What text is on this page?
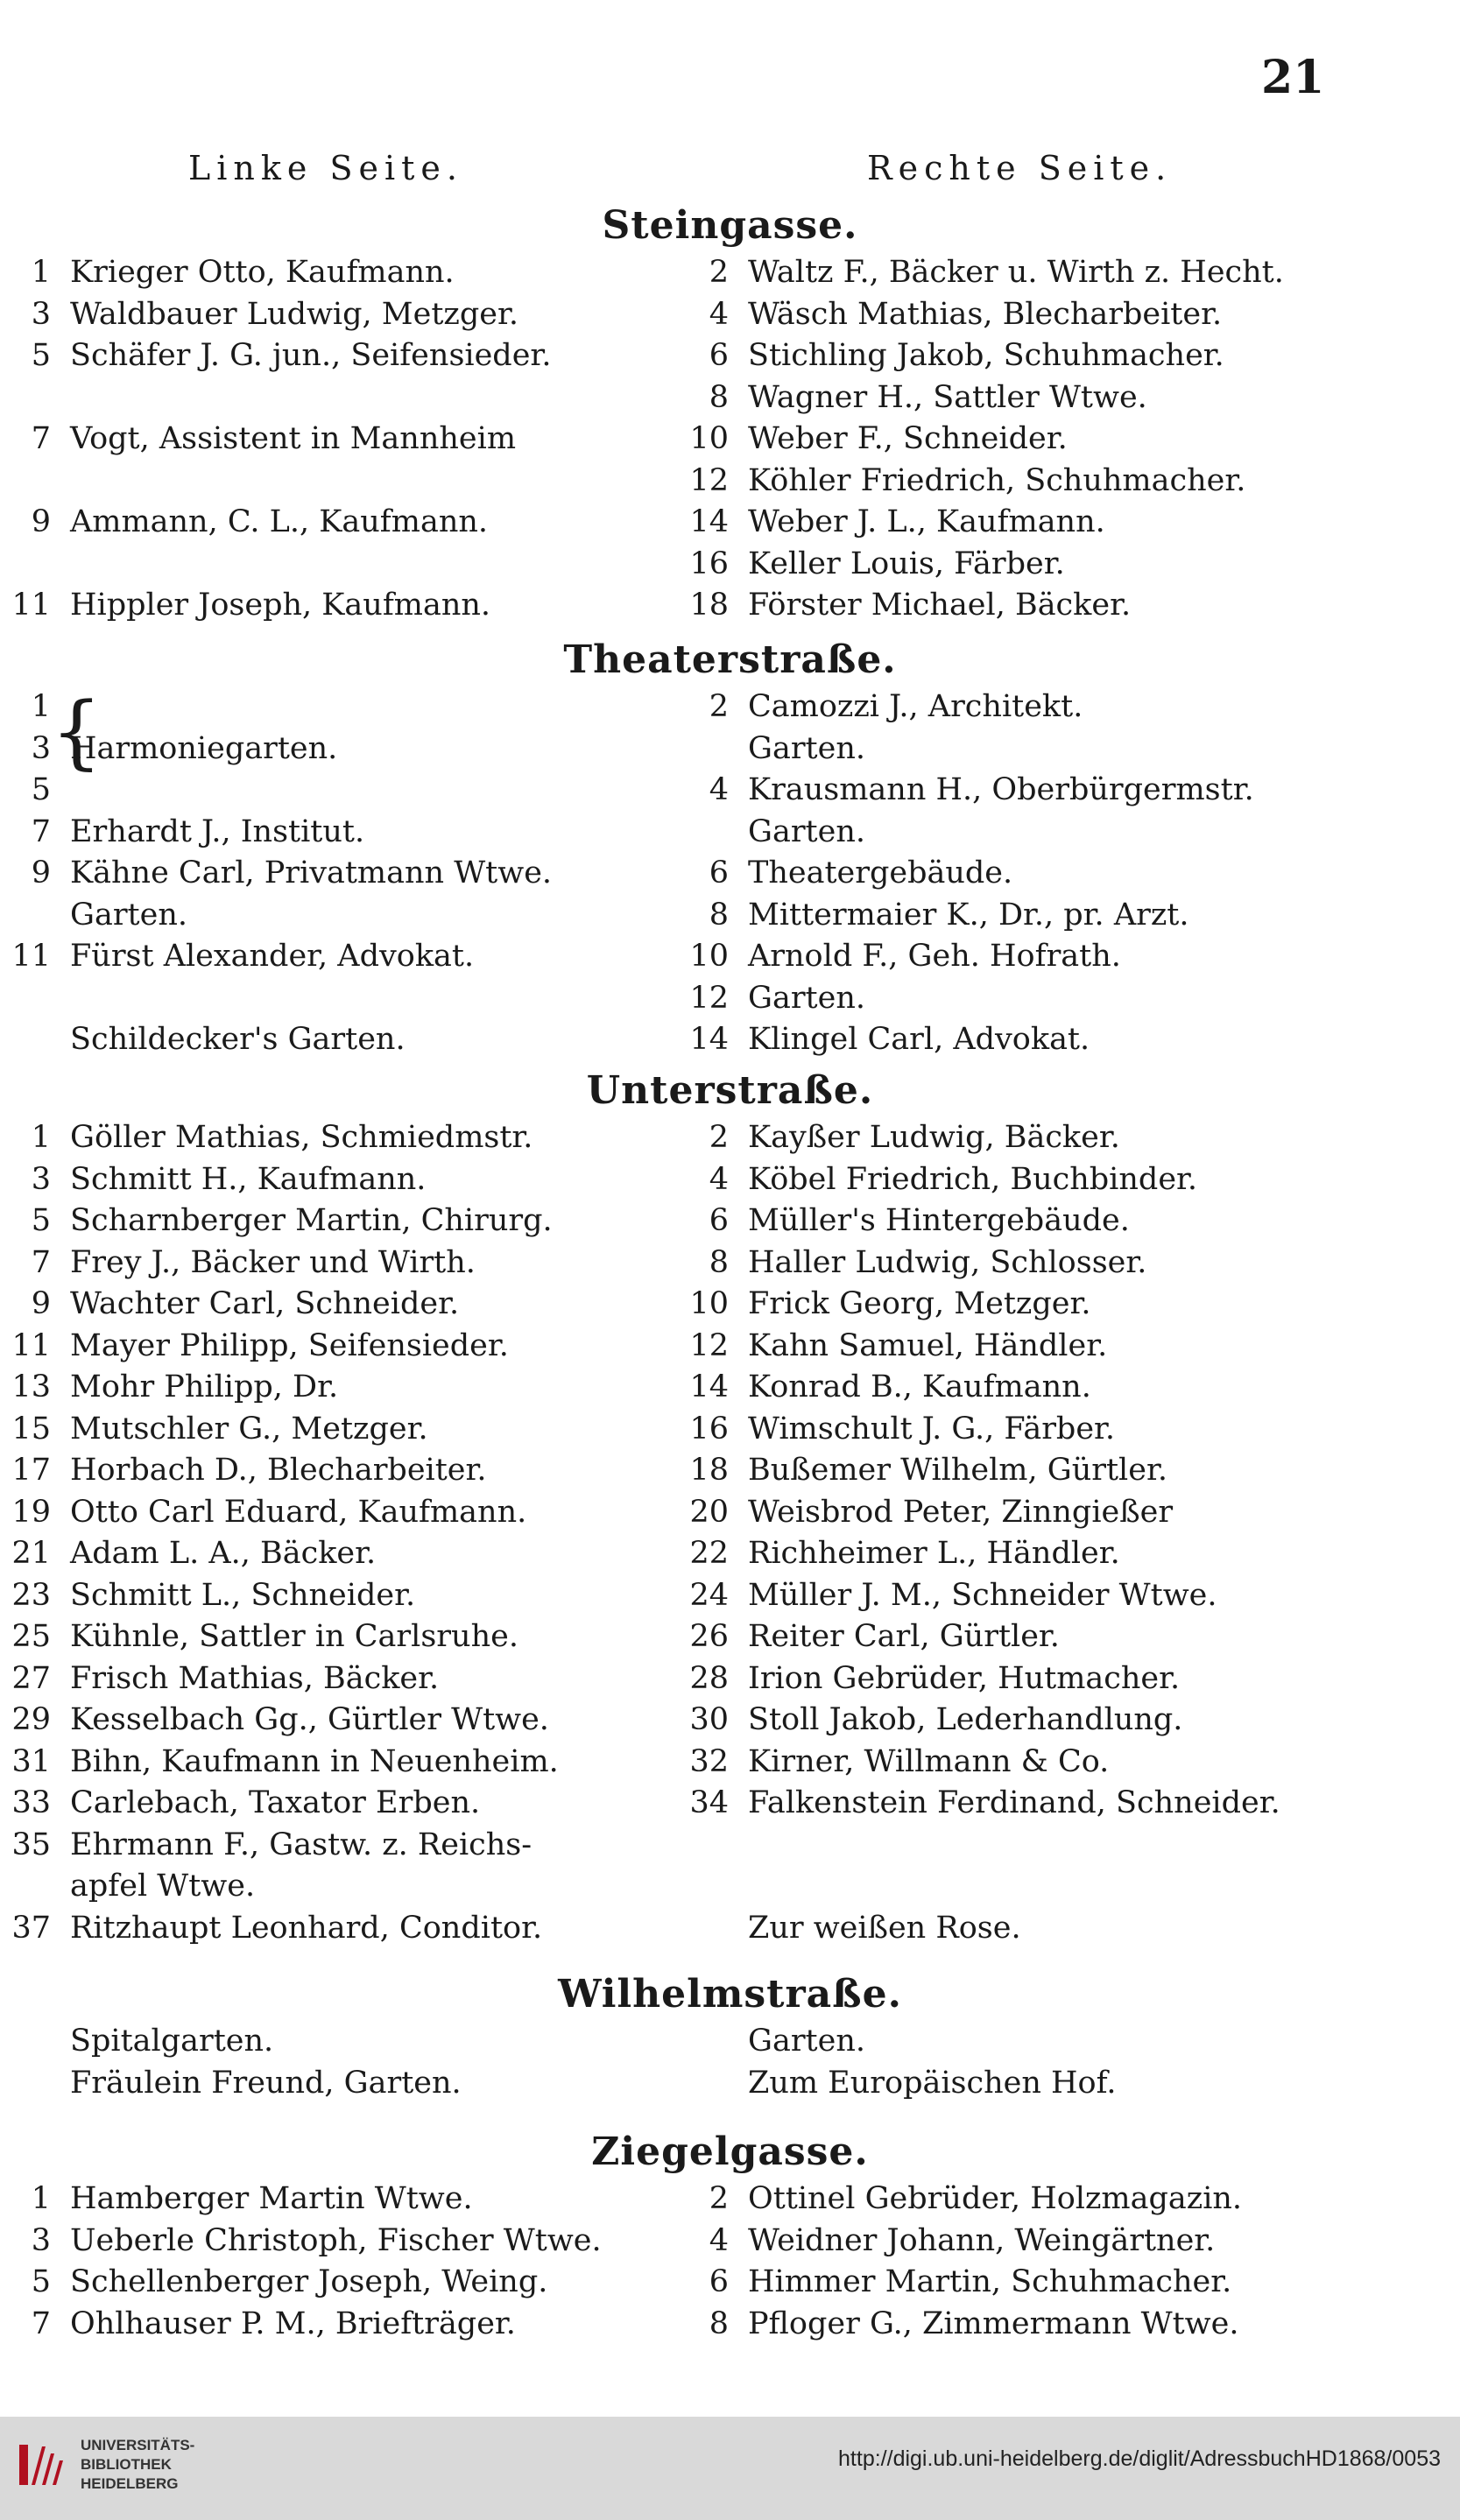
21
Linke Seite.	Rechte Seite.
Steingasse.
1 Krieger Otto, Kaufmann.
3 Waldbauer Ludwig, Metzger.
5 Schäfer J. G. jun., Seifensieder.
7 Vogt, Assistent in Mannheim
9 Ammann, C. L., Kaufmann.
11 Hippler Joseph, Kaufmann.
2 Waltz F., Bäcker u. Wirth z. Hecht.
4 Wäsch Mathias, Blecharbeiter.
6 Stichling Jakob, Schuhmacher.
8 Wagner H., Sattler Wtwe.
10 Weber F., Schneider.
12 Köhler Friedrich, Schuhmacher.
14 Weber J. L., Kaufmann.
16 Keller Louis, Färber.
18 Förster Michael, Bäcker.
Theaterstraße.
1
3 Harmoniegarten.
5
7 Erhardt J., Institut.
9 Kähne Carl, Privatmann Wtwe.
Garten.
11 Fürst Alexander, Advokat.
Schildecker's Garten.
2 Camozzi J., Architekt.
Garten.
4 Krausmann H., Oberbürgermstr.
Garten.
6 Theatergebäude.
8 Mittermaier K., Dr., pr. Arzt.
10 Arnold F., Geh. Hofrath.
12 Garten.
14 Klingel Carl, Advokat.
Unterstraße.
1 Göller Mathias, Schmiedmstr.
3 Schmitt H., Kaufmann.
5 Scharnberger Martin, Chirurg.
7 Frey J., Bäcker und Wirth.
9 Wachter Carl, Schneider.
11 Mayer Philipp, Seifensieder.
13 Mohr Philipp, Dr.
15 Mutschler G., Metzger.
17 Horbach D., Blecharbeiter.
19 Otto Carl Eduard, Kaufmann.
21 Adam L. A., Bäcker.
23 Schmitt L., Schneider.
25 Kühnle, Sattler in Carlsruhe.
27 Frisch Mathias, Bäcker.
29 Kesselbach Gg., Gürtler Wtwe.
31 Bihn, Kaufmann in Neuenheim.
33 Carlebach, Taxator Erben.
35 Ehrmann F., Gastw. z. Reichs-
apfel Wtwe.
37 Ritzhaupt Leonhard, Conditor.
2 Kayßer Ludwig, Bäcker.
4 Köbel Friedrich, Buchbinder.
6 Müller's Hintergebäude.
8 Haller Ludwig, Schlosser.
10 Frick Georg, Metzger.
12 Kahn Samuel, Händler.
14 Konrad B., Kaufmann.
16 Wimschult J. G., Färber.
18 Bußemer Wilhelm, Gürtler.
20 Weisbrod Peter, Zinngießer
22 Richheimer L., Händler.
24 Müller J. M., Schneider Wtwe.
26 Reiter Carl, Gürtler.
28 Irion Gebrüder, Hutmacher.
30 Stoll Jakob, Lederhandlung.
32 Kirner, Willmann & Co.
34 Falkenstein Ferdinand, Schneider.
Zur weißen Rose.
Wilhelmstraße.
Spitalgarten.
Fräulein Freund, Garten.
Garten.
Zum Europäischen Hof.
Ziegelgasse.
1 Hamberger Martin Wtwe.
3 Ueberle Christoph, Fischer Wtwe.
5 Schellenberger Joseph, Weing.
7 Ohlhauser P. M., Briefträger.
2 Ottinel Gebrüder, Holzmagazin.
4 Weidner Johann, Weingärtner.
6 Himmer Martin, Schuhmacher.
8 Pfloger G., Zimmermann Wtwe.
{
UNIVERSITÄTS-
BIBLIOTHEK
HEIDELBERG
http://digi.ub.uni-heidelberg.de/diglit/AdressbuchHD1868/0053
